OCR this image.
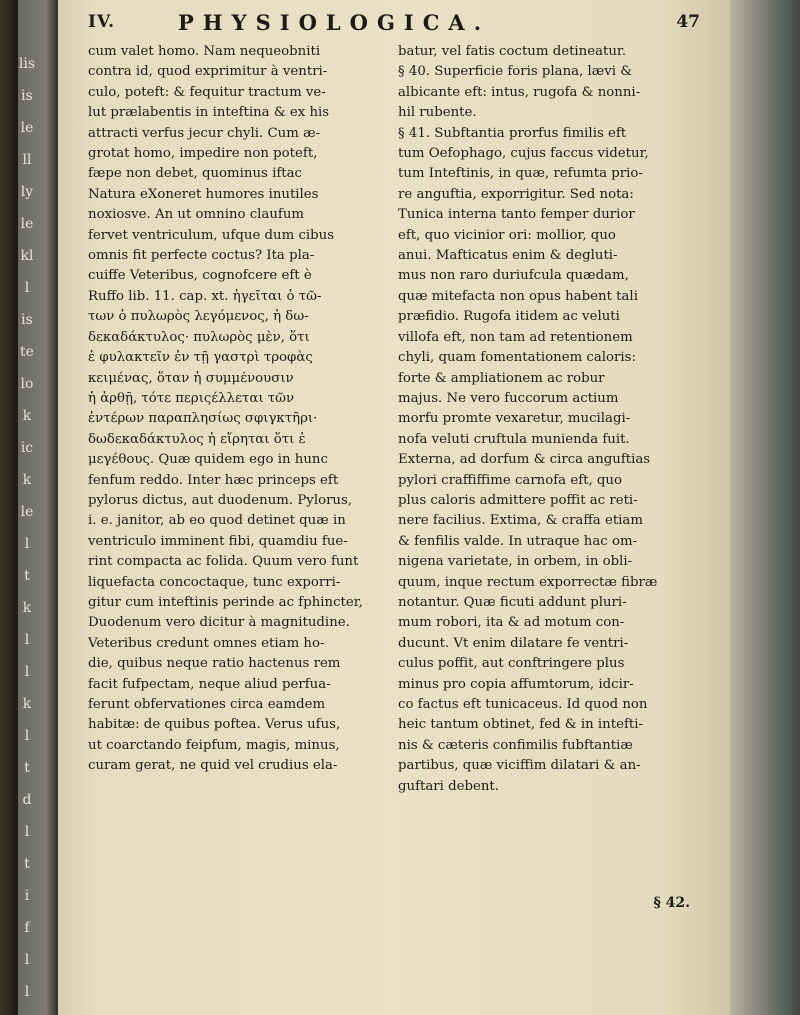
lis
is
le
ll
ly
le
kl
l
is
te
lo
k
ic
k
le
l
t
k
l
l
k
l
t
d
l
t
i
f
l
l
IV.	PHYSIOLOGICA.	47
cum valet homo. Nam nequeobniti
contra id, quod exprimitur à ventri-
culo, poteft: & fequitur tractum ve-
lut prælabentis in inteftina & ex his
attracti verfus jecur chyli. Cum æ-
grotat homo, impedire non poteft,
fæpe non debet, quominus iftac
Natura eXoneret humores inutiles
noxiosve. An ut omnino claufum
fervet ventriculum, ufque dum cibus
omnis fit perfecte coctus? Ita pla-
cuiffe Veteribus, cognofcere eft è
Ruffo lib. 11. cap. xt. ἡγεῖται ὁ τῶ-
των ὁ πυλωρὸς λεγόμενος, ἡ δω-
δεκαδάκτυλος· πυλωρὸς μὲν, ὅτι
ἐ φυλακτεῖν ἐν τῇ γαστρὶ τροφὰς
κειμένας, ὅταν ἡ συμμένουσιν
ἡ ἀρθῇ, τότε περιςέλλεται τῶν
ἐντέρων παραπλησίως σφιγκτῆρι·
δωδεκαδάκτυλος ἡ εἴρηται ὅτι ἐ
μεγέθους. Quæ quidem ego in hunc
fenfum reddo. Inter hæc princeps eft
pylorus dictus, aut duodenum. Pylorus,
i. e. janitor, ab eo quod detinet quæ in
ventriculo imminent fibi, quamdiu fue-
rint compacta ac folida. Quum vero funt
liquefacta concoctaque, tunc exporri-
gitur cum inteftinis perinde ac fphincter,
Duodenum vero dicitur à magnitudine.
Veteribus credunt omnes etiam ho-
die, quibus neque ratio hactenus rem
facit fufpectam, neque aliud perfua-
ferunt obfervationes circa eamdem
habitæ: de quibus poftea. Verus ufus,
ut coarctando feipfum, magis, minus,
curam gerat, ne quid vel crudius ela-
batur, vel fatis coctum detineatur.
§ 40. Superficie foris plana, lævi &
albicante eft: intus, rugofa & nonni-
hil rubente.
§ 41. Subftantia prorfus fimilis eft
tum Oefophago, cujus faccus videtur,
tum Inteftinis, in quæ, refumta prio-
re anguftia, exporrigitur. Sed nota:
Tunica interna tanto femper durior
eft, quo vicinior ori: mollior, quo
anui. Mafticatus enim & degluti-
mus non raro duriufcula quædam,
quæ mitefacta non opus habent tali
præfidio. Rugofa itidem ac veluti
villofa eft, non tam ad retentionem
chyli, quam fomentationem caloris:
forte & ampliationem ac robur
majus. Ne vero fuccorum actium
morfu promte vexaretur, mucilagi-
nofa veluti cruftula munienda fuit.
Externa, ad dorfum & circa anguftias
pylori craffiffime carnofa eft, quo
plus caloris admittere poffit ac reti-
nere facilius. Extima, & craffa etiam
& fenfilis valde. In utraque hac om-
nigena varietate, in orbem, in obli-
quum, inque rectum exporrectæ fibræ
notantur. Quæ ficuti addunt pluri-
mum robori, ita & ad motum con-
ducunt. Vt enim dilatare fe ventri-
culus poffit, aut conftringere plus
minus pro copia affumtorum, idcir-
co factus eft tunicaceus. Id quod non
heic tantum obtinet, fed & in intefti-
nis & cæteris confimilis fubftantiæ
partibus, quæ viciffim dilatari & an-
guftari debent.
§ 42.
